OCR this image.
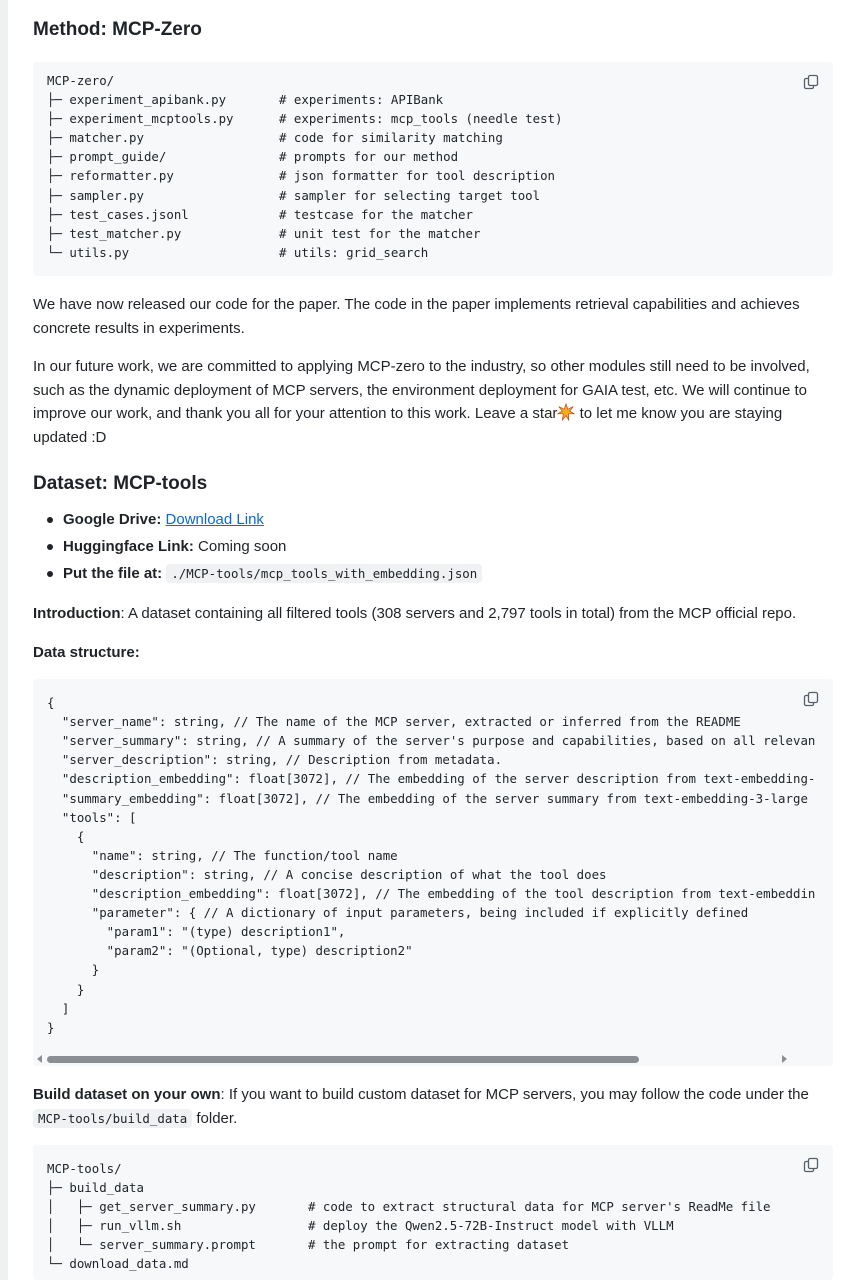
Method: MCP-Zero
MCP-zero/
├─ experiment_apibank.py	# experiments: APIBank
├─ experiment_mcptools.py	# experiments: mcp_tools (needle test)
├─ matcher.py	# code for similarity matching
├─ prompt_guide/	# prompts for our method
├─ reformatter.py	# json formatter for tool description
├─ sampler.py	# sampler for selecting target tool
├─ test_cases.jsonl	# testcase for the matcher
├─ test_matcher.py	# unit test for the matcher
└─ utils.py	# utils: grid_search

We have now released our code for the paper. The code in the paper implements retrieval capabilities and achieves concrete results in experiments.

In our future work, we are committed to applying MCP-zero to the industry, so other modules still need to be involved, such as the dynamic deployment of MCP servers, the environment deployment for GAIA test, etc. We will continue to improve our work, and thank you all for your attention to this work. Leave a star to let me know you are staying updated :D

Dataset: MCP-tools
Google Drive: Download Link
Huggingface Link: Coming soon
Put the file at: ./MCP-tools/mcp_tools_with_embedding.json

Introduction: A dataset containing all filtered tools (308 servers and 2,797 tools in total) from the MCP official repo.

Data structure:

{
"server_name": string, // The name of the MCP server, extracted or inferred from the README
"server_summary": string, // A summary of the server's purpose and capabilities, based on all relevan
"server_description": string, // Description from metadata.
"description_embedding": float[3072], // The embedding of the server description from text-embedding-
"summary_embedding": float[3072], // The embedding of the server summary from text-embedding-3-large
"tools": [
{
"name": string, // The function/tool name
"description": string, // A concise description of what the tool does
"description_embedding": float[3072], // The embedding of the tool description from text-embeddin
"parameter": { // A dictionary of input parameters, being included if explicitly defined
"param1": "(type) description1",
"param2": "(Optional, type) description2"
}
}
]
}

Build dataset on your own: If you want to build custom dataset for MCP servers, you may follow the code under the
MCP-tools/build_data folder.

MCP-tools/
├─ build_data
│   ├─ get_server_summary.py	# code to extract structural data for MCP server's ReadMe file
│   ├─ run_vllm.sh	# deploy the Qwen2.5-72B-Instruct model with VLLM
│   └─ server_summary.prompt	# the prompt for extracting dataset
└─ download_data.md
